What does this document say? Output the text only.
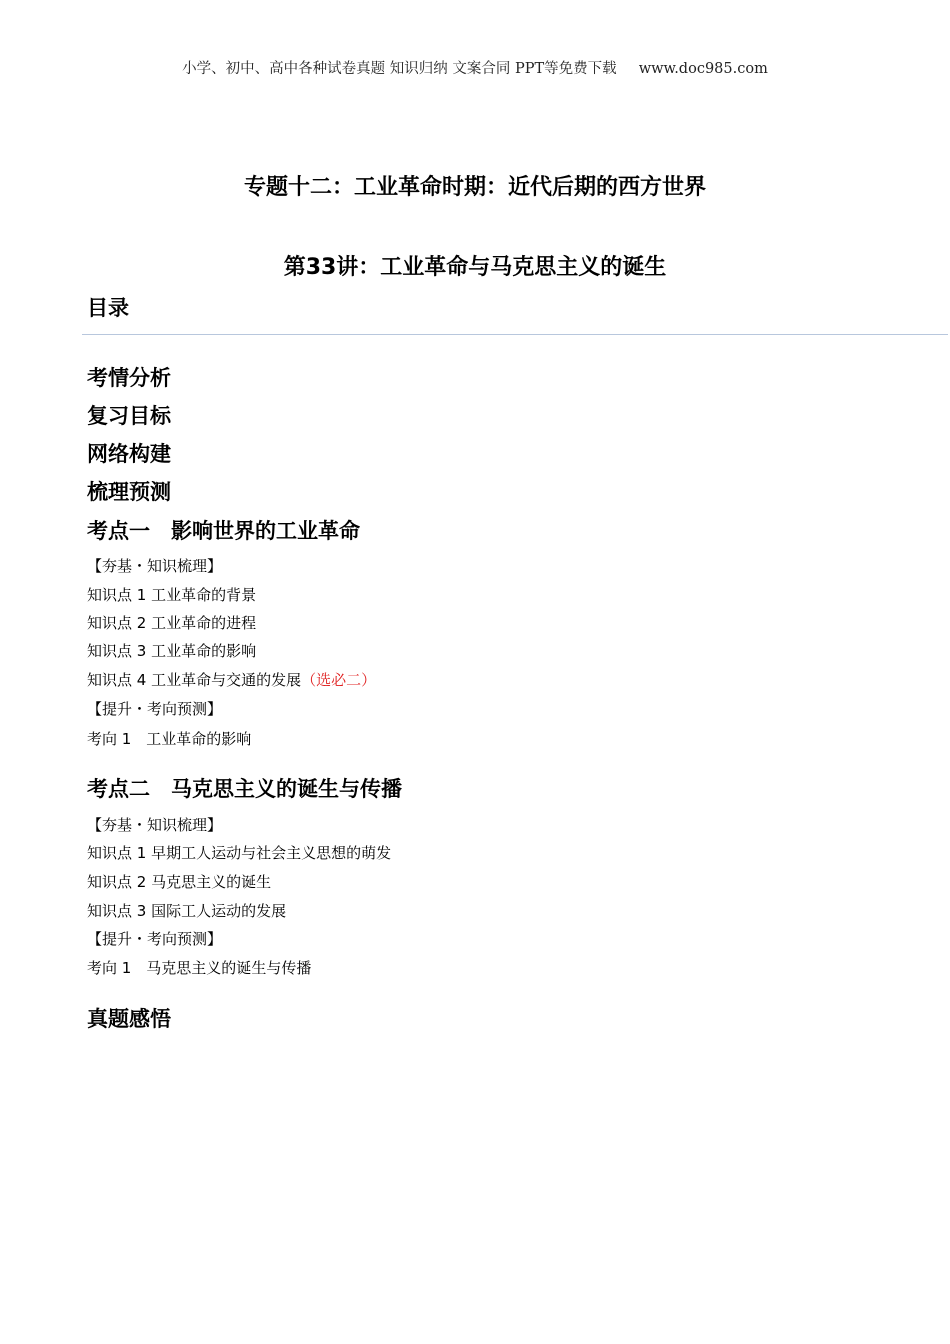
小学、初中、高中各种试卷真题 知识归纳 文案合同 PPT等免费下载 www.doc985.com
专题十二：工业革命时期：近代后期的西方世界
第33讲：工业革命与马克思主义的诞生
目录
考情分析
复习目标
网络构建
梳理预测
考点一　影响世界的工业革命
【夯基・知识梳理】
知识点 1 工业革命的背景
知识点 2 工业革命的进程
知识点 3 工业革命的影响
知识点 4 工业革命与交通的发展（选必二）
【提升・考向预测】
考向 1　工业革命的影响
考点二　马克思主义的诞生与传播
【夯基・知识梳理】
知识点 1 早期工人运动与社会主义思想的萌发
知识点 2 马克思主义的诞生
知识点 3 国际工人运动的发展
【提升・考向预测】
考向 1　马克思主义的诞生与传播
真题感悟
